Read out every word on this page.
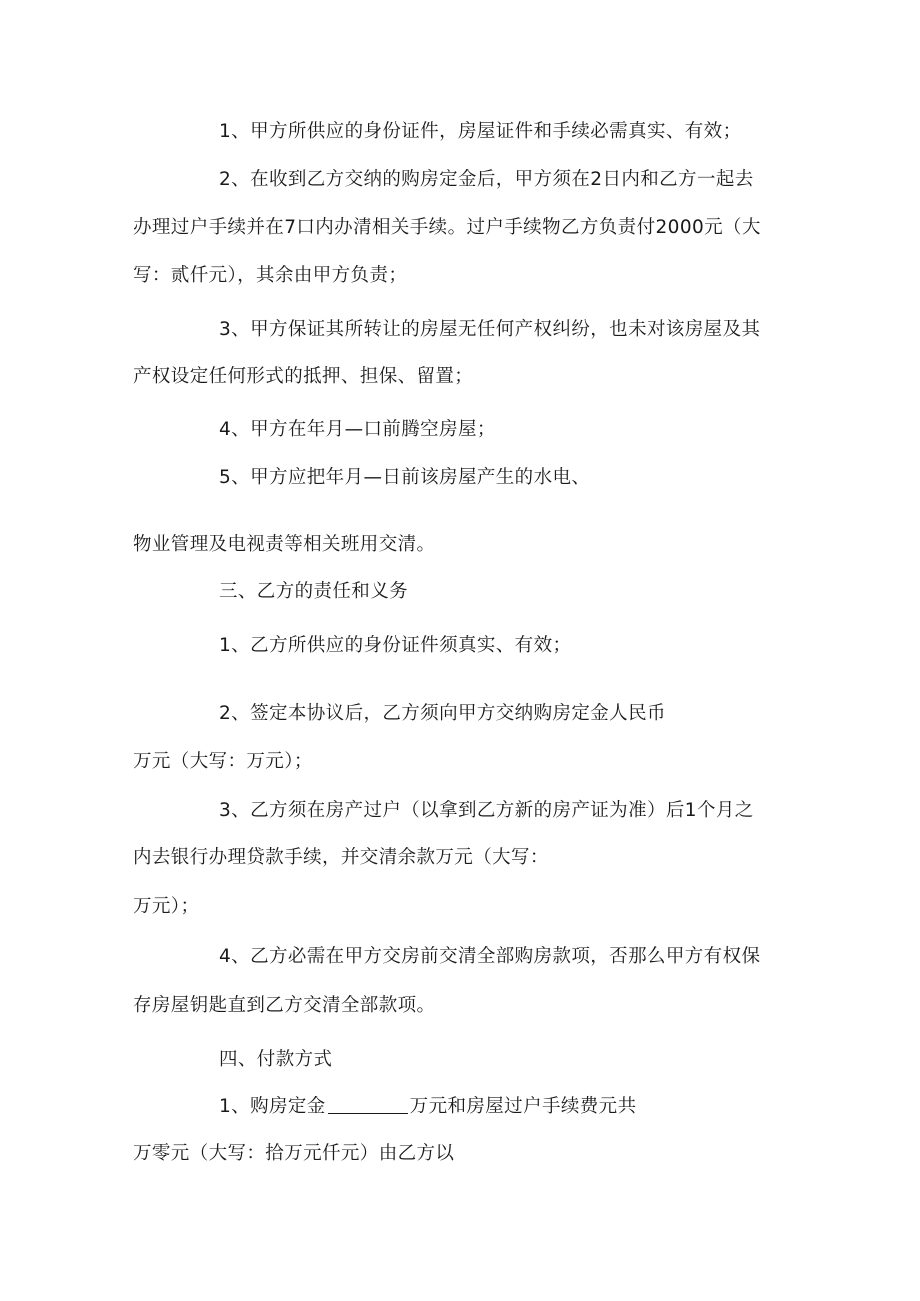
1、甲方所供应的身份证件，房屋证件和手续必需真实、有效；
2、在收到乙方交纳的购房定金后，甲方须在2日内和乙方一起去
办理过户手续并在7口内办清相关手续。过户手续物乙方负责付2000元（大
写：贰仟元），其余由甲方负责；
3、甲方保证其所转让的房屋无任何产权纠纷，也未对该房屋及其
产权设定任何形式的抵押、担保、留置；
4、甲方在年月—口前腾空房屋；
5、甲方应把年月—日前该房屋产生的水电、
物业管理及电视责等相关班用交清。
三、乙方的责任和义务
1、乙方所供应的身份证件须真实、有效；
2、签定本协议后，乙方须向甲方交纳购房定金人民币
万元（大写：万元）；
3、乙方须在房产过户（以拿到乙方新的房产证为准）后1个月之
内去银行办理贷款手续，并交清余款万元（大写：
万元）；
4、乙方必需在甲方交房前交清全部购房款项，否那么甲方有权保
存房屋钥匙直到乙方交清全部款项。
四、付款方式
1、购房定金	万元和房屋过户手续费元共
万零元（大写：拾万元仟元）由乙方以
